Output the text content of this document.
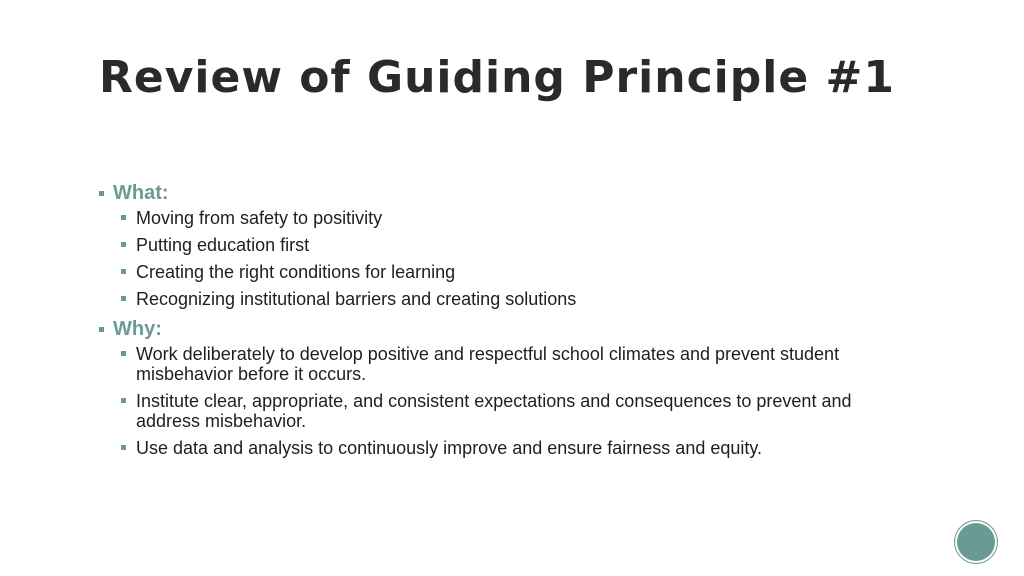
Review of Guiding Principle #1
What:
Moving from safety to positivity
Putting education first
Creating the right conditions for learning
Recognizing institutional barriers and creating solutions
Why:
Work deliberately to develop positive and respectful school climates and prevent student misbehavior before it occurs.
Institute clear, appropriate, and consistent expectations and consequences to prevent and address misbehavior.
Use data and analysis to continuously improve and ensure fairness and equity.
